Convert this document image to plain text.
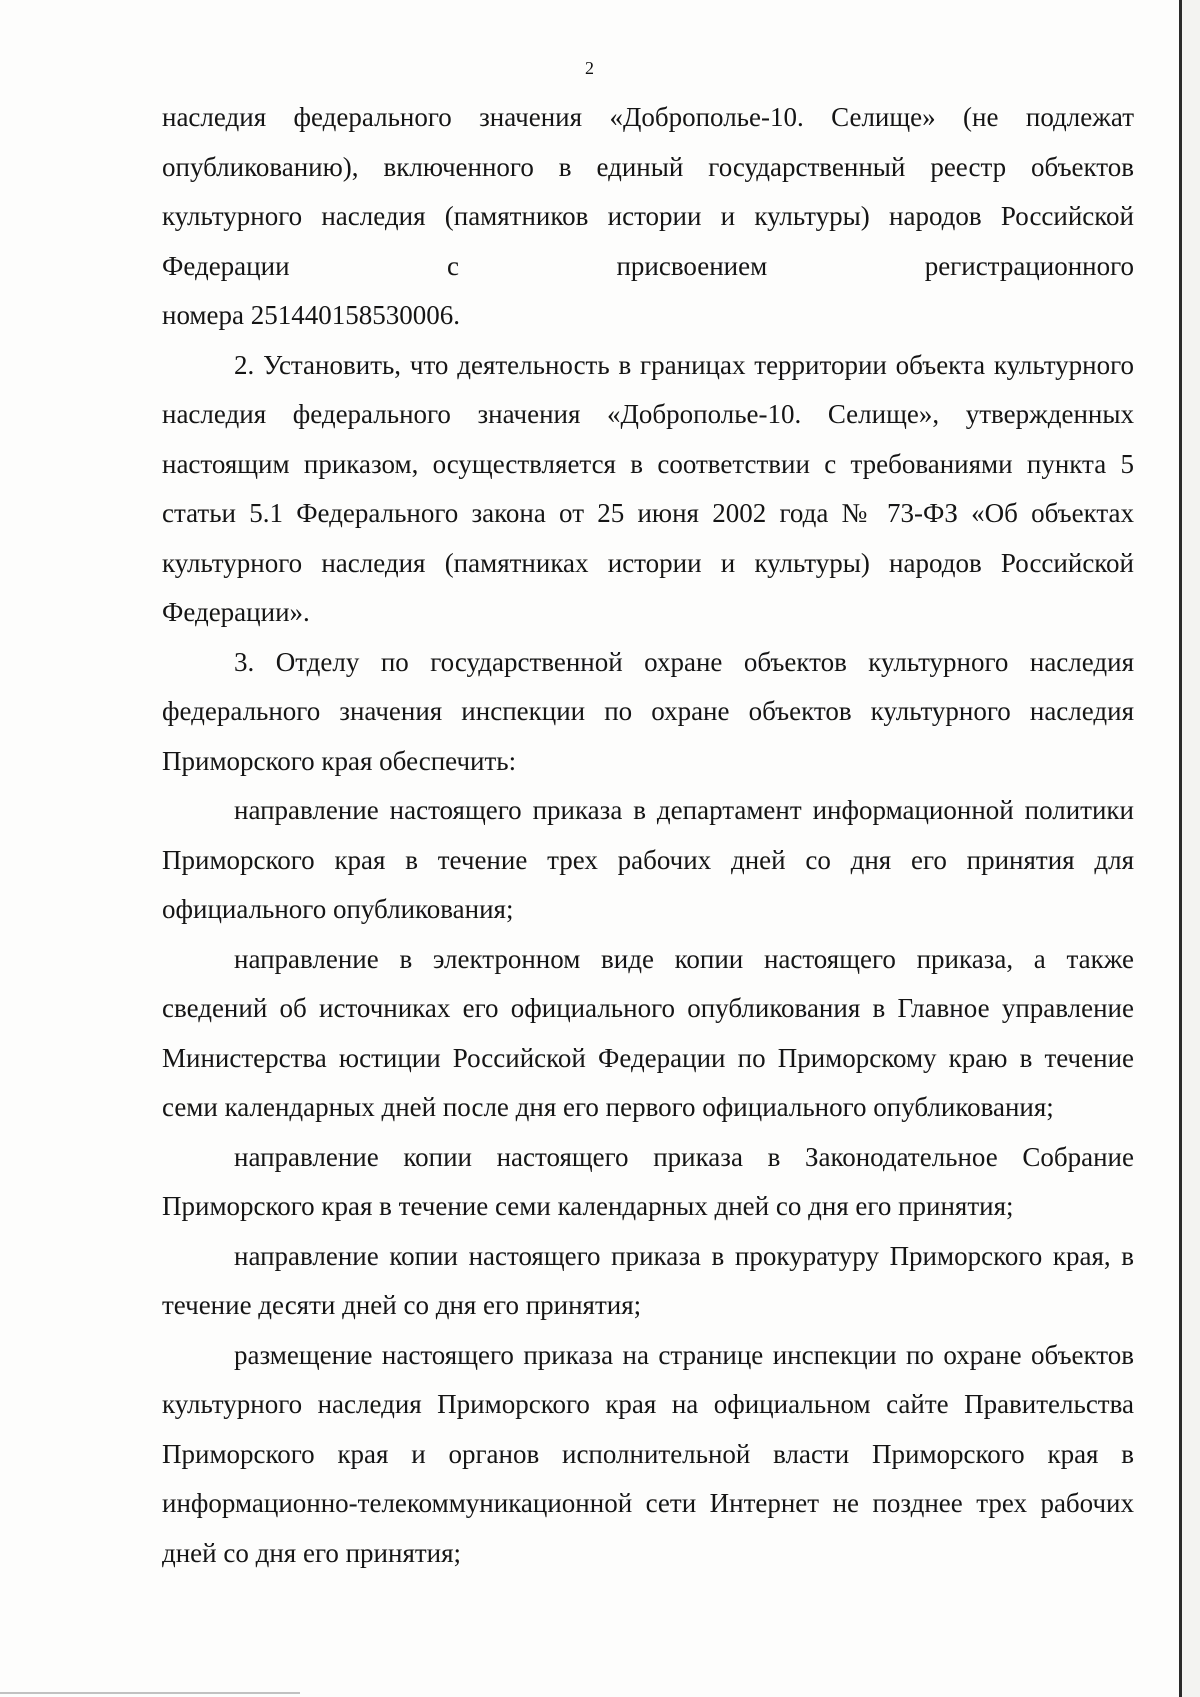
2

наследия федерального значения «Доброполье-10. Селище» (не подлежат опубликованию), включенного в единый государственный реестр объектов культурного наследия (памятников истории и культуры) народов Российской Федерации с присвоением регистрационного

номера 251440158530006.

2. Установить, что деятельность в границах территории объекта культурного наследия федерального значения «Доброполье-10. Селище», утвержденных настоящим приказом, осуществляется в соответствии с требованиями пункта 5 статьи 5.1 Федерального закона от 25 июня 2002 года № 73-ФЗ «Об объектах культурного наследия (памятниках истории и культуры) народов Российской Федерации».

3. Отделу по государственной охране объектов культурного наследия федерального значения инспекции по охране объектов культурного наследия Приморского края обеспечить:

направление настоящего приказа в департамент информационной политики Приморского края в течение трех рабочих дней со дня его принятия для официального опубликования;

направление в электронном виде копии настоящего приказа, а также сведений об источниках его официального опубликования в Главное управление Министерства юстиции Российской Федерации по Приморскому краю в течение семи календарных дней после дня его первого официального опубликования;

направление копии настоящего приказа в Законодательное Собрание Приморского края в течение семи календарных дней со дня его принятия;

направление копии настоящего приказа в прокуратуру Приморского края, в течение десяти дней со дня его принятия;

размещение настоящего приказа на странице инспекции по охране объектов культурного наследия Приморского края на официальном сайте Правительства Приморского края и органов исполнительной власти Приморского края в информационно-телекоммуникационной сети Интернет не позднее трех рабочих дней со дня его принятия;
